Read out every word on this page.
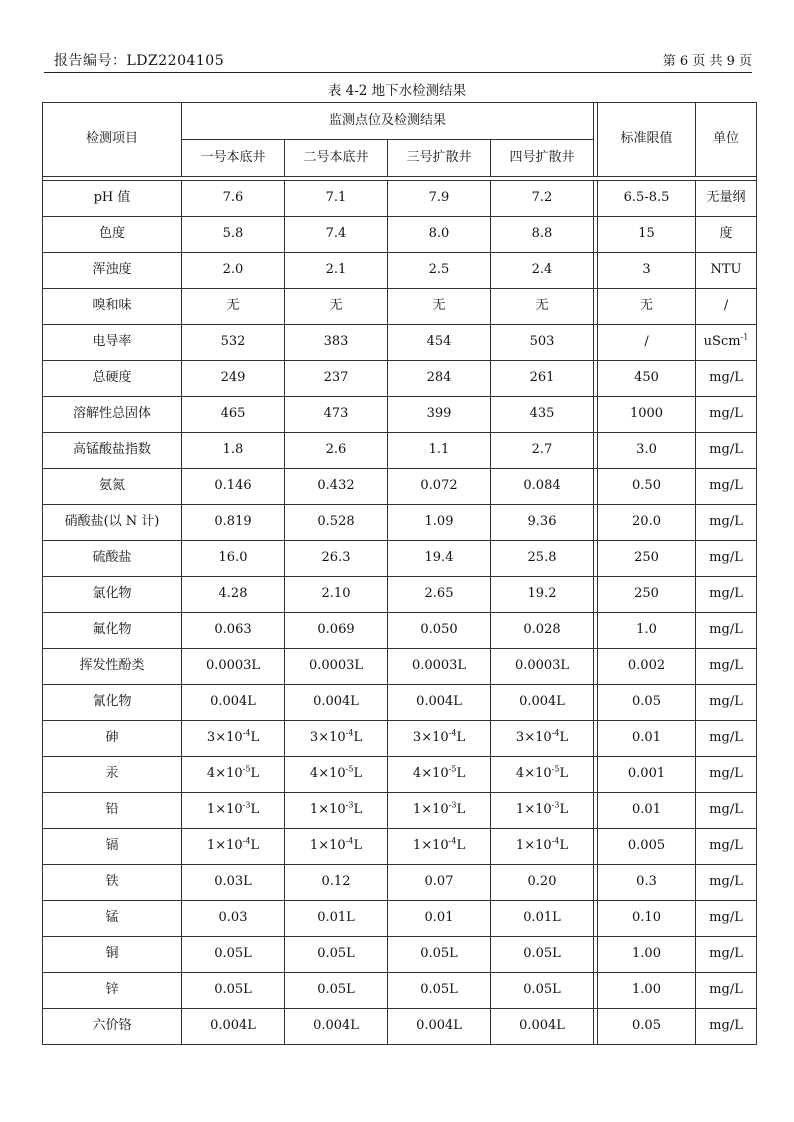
报告编号：LDZ2204105	第 6 页 共 9 页
表 4-2 地下水检测结果
检测项目	监测点位及检测结果					标准限值	单位
	一号本底井	二号本底井	三号扩散井	四号扩散井			

pH 值	7.6	7.1	7.9	7.2		6.5-8.5	无量纲
色度	5.8	7.4	8.0	8.8		15	度
浑浊度	2.0	2.1	2.5	2.4		3	NTU
嗅和味	无	无	无	无		无	/
电导率	532	383	454	503		/	uScm$^{-1}$
总硬度	249	237	284	261		450	mg/L
溶解性总固体	465	473	399	435		1000	mg/L
高锰酸盐指数	1.8	2.6	1.1	2.7		3.0	mg/L
氨氮	0.146	0.432	0.072	0.084		0.50	mg/L
硝酸盐(以 N 计)	0.819	0.528	1.09	9.36		20.0	mg/L
硫酸盐	16.0	26.3	19.4	25.8		250	mg/L
氯化物	4.28	2.10	2.65	19.2		250	mg/L
氟化物	0.063	0.069	0.050	0.028		1.0	mg/L
挥发性酚类	0.0003L	0.0003L	0.0003L	0.0003L		0.002	mg/L
氰化物	0.004L	0.004L	0.004L	0.004L		0.05	mg/L
砷	$3\times 10^{-4}L$	$3\times 10^{-4}L$	$3\times 10^{-4}L$	$3\times 10^{-4}L$		0.01	mg/L
汞	$4\times 10^{-5}L$	$4\times 10^{-5}L$	$4\times 10^{-5}L$	$4\times 10^{-5}L$		0.001	mg/L
铅	$1\times 10^{-3}L$	$1\times 10^{-3}L$	$1\times 10^{-3}L$	$1\times 10^{-3}L$		0.01	mg/L
镉	$1\times 10^{-4}L$	$1\times 10^{-4}L$	$1\times 10^{-4}L$	$1\times 10^{-4}L$		0.005	mg/L
铁	0.03L	0.12	0.07	0.20		0.3	mg/L
锰	0.03	0.01L	0.01	0.01L		0.10	mg/L
铜	0.05L	0.05L	0.05L	0.05L		1.00	mg/L
锌	0.05L	0.05L	0.05L	0.05L		1.00	mg/L
六价铬	0.004L	0.004L	0.004L	0.004L		0.05	mg/L
